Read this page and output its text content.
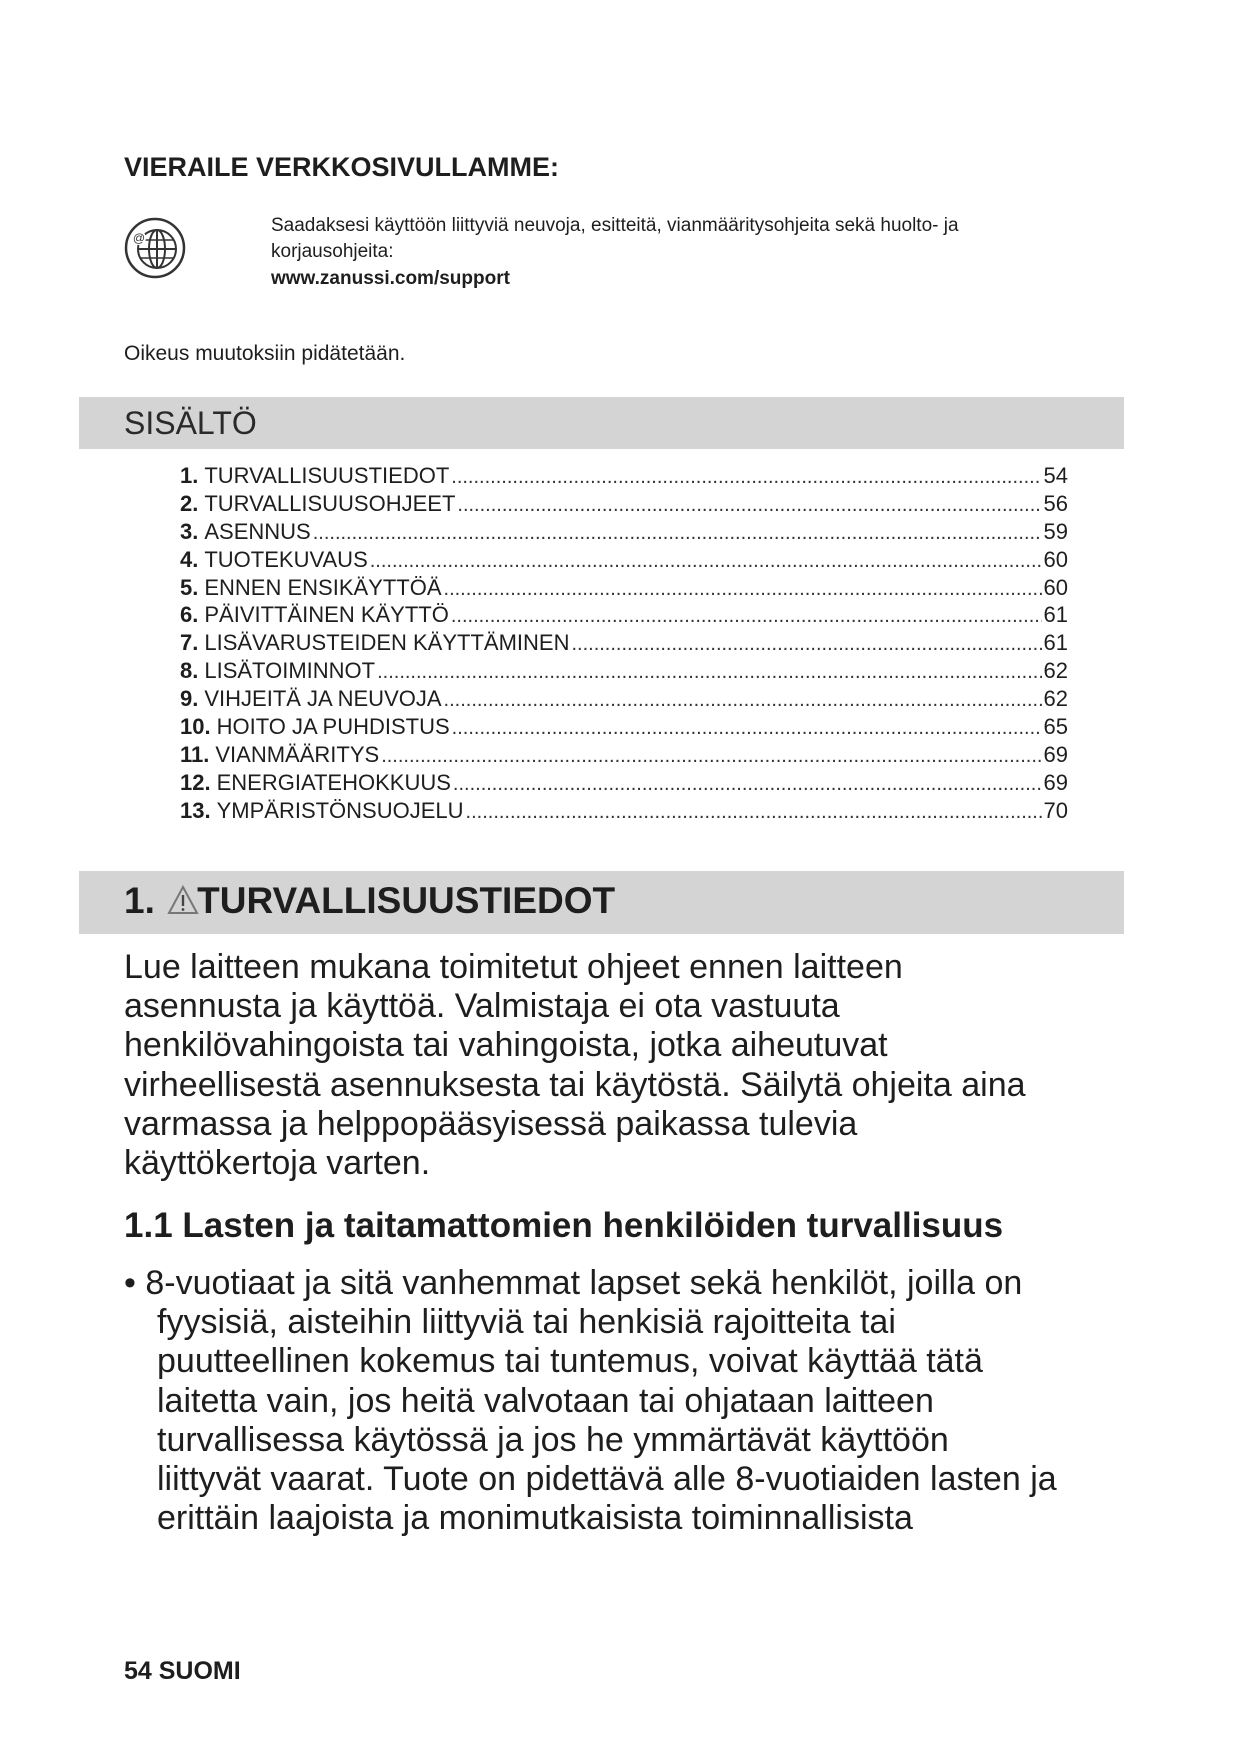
VIERAILE VERKKOSIVULLAMME:
@
Saadaksesi käyttöön liittyviä neuvoja, esitteitä, vianmääritysohjeita sekä huolto- ja
korjausohjeita:
www.zanussi.com/support
Oikeus muutoksiin pidätetään.
SISÄLTÖ
1. TURVALLISUUSTIEDOT .....	54
2. TURVALLISUUSOHJEET .....	56
3. ASENNUS .....	59
4. TUOTEKUVAUS .....	60
5. ENNEN ENSIKÄYTTÖÄ .....	60
6. PÄIVITTÄINEN KÄYTTÖ .....	61
7. LISÄVARUSTEIDEN KÄYTTÄMINEN .....	61
8. LISÄTOIMINNOT .....	62
9. VIHJEITÄ JA NEUVOJA .....	62
10. HOITO JA PUHDISTUS .....	65
11. VIANMÄÄRITYS .....	69
12. ENERGIATEHOKKUUS .....	69
13. YMPÄRISTÖNSUOJELU .....	70
1. TURVALLISUUSTIEDOT
Lue laitteen mukana toimitetut ohjeet ennen laitteen
asennusta ja käyttöä. Valmistaja ei ota vastuuta
henkilövahingoista tai vahingoista, jotka aiheutuvat
virheellisestä asennuksesta tai käytöstä. Säilytä ohjeita aina
varmassa ja helppopääsyisessä paikassa tulevia
käyttökertoja varten.
1.1 Lasten ja taitamattomien henkilöiden turvallisuus
• 8-vuotiaat ja sitä vanhemmat lapset sekä henkilöt, joilla on
fyysisiä, aisteihin liittyviä tai henkisiä rajoitteita tai
puutteellinen kokemus tai tuntemus, voivat käyttää tätä
laitetta vain, jos heitä valvotaan tai ohjataan laitteen
turvallisessa käytössä ja jos he ymmärtävät käyttöön
liittyvät vaarat. Tuote on pidettävä alle 8-vuotiaiden lasten ja
erittäin laajoista ja monimutkaisista toiminnallisista
54 SUOMI
